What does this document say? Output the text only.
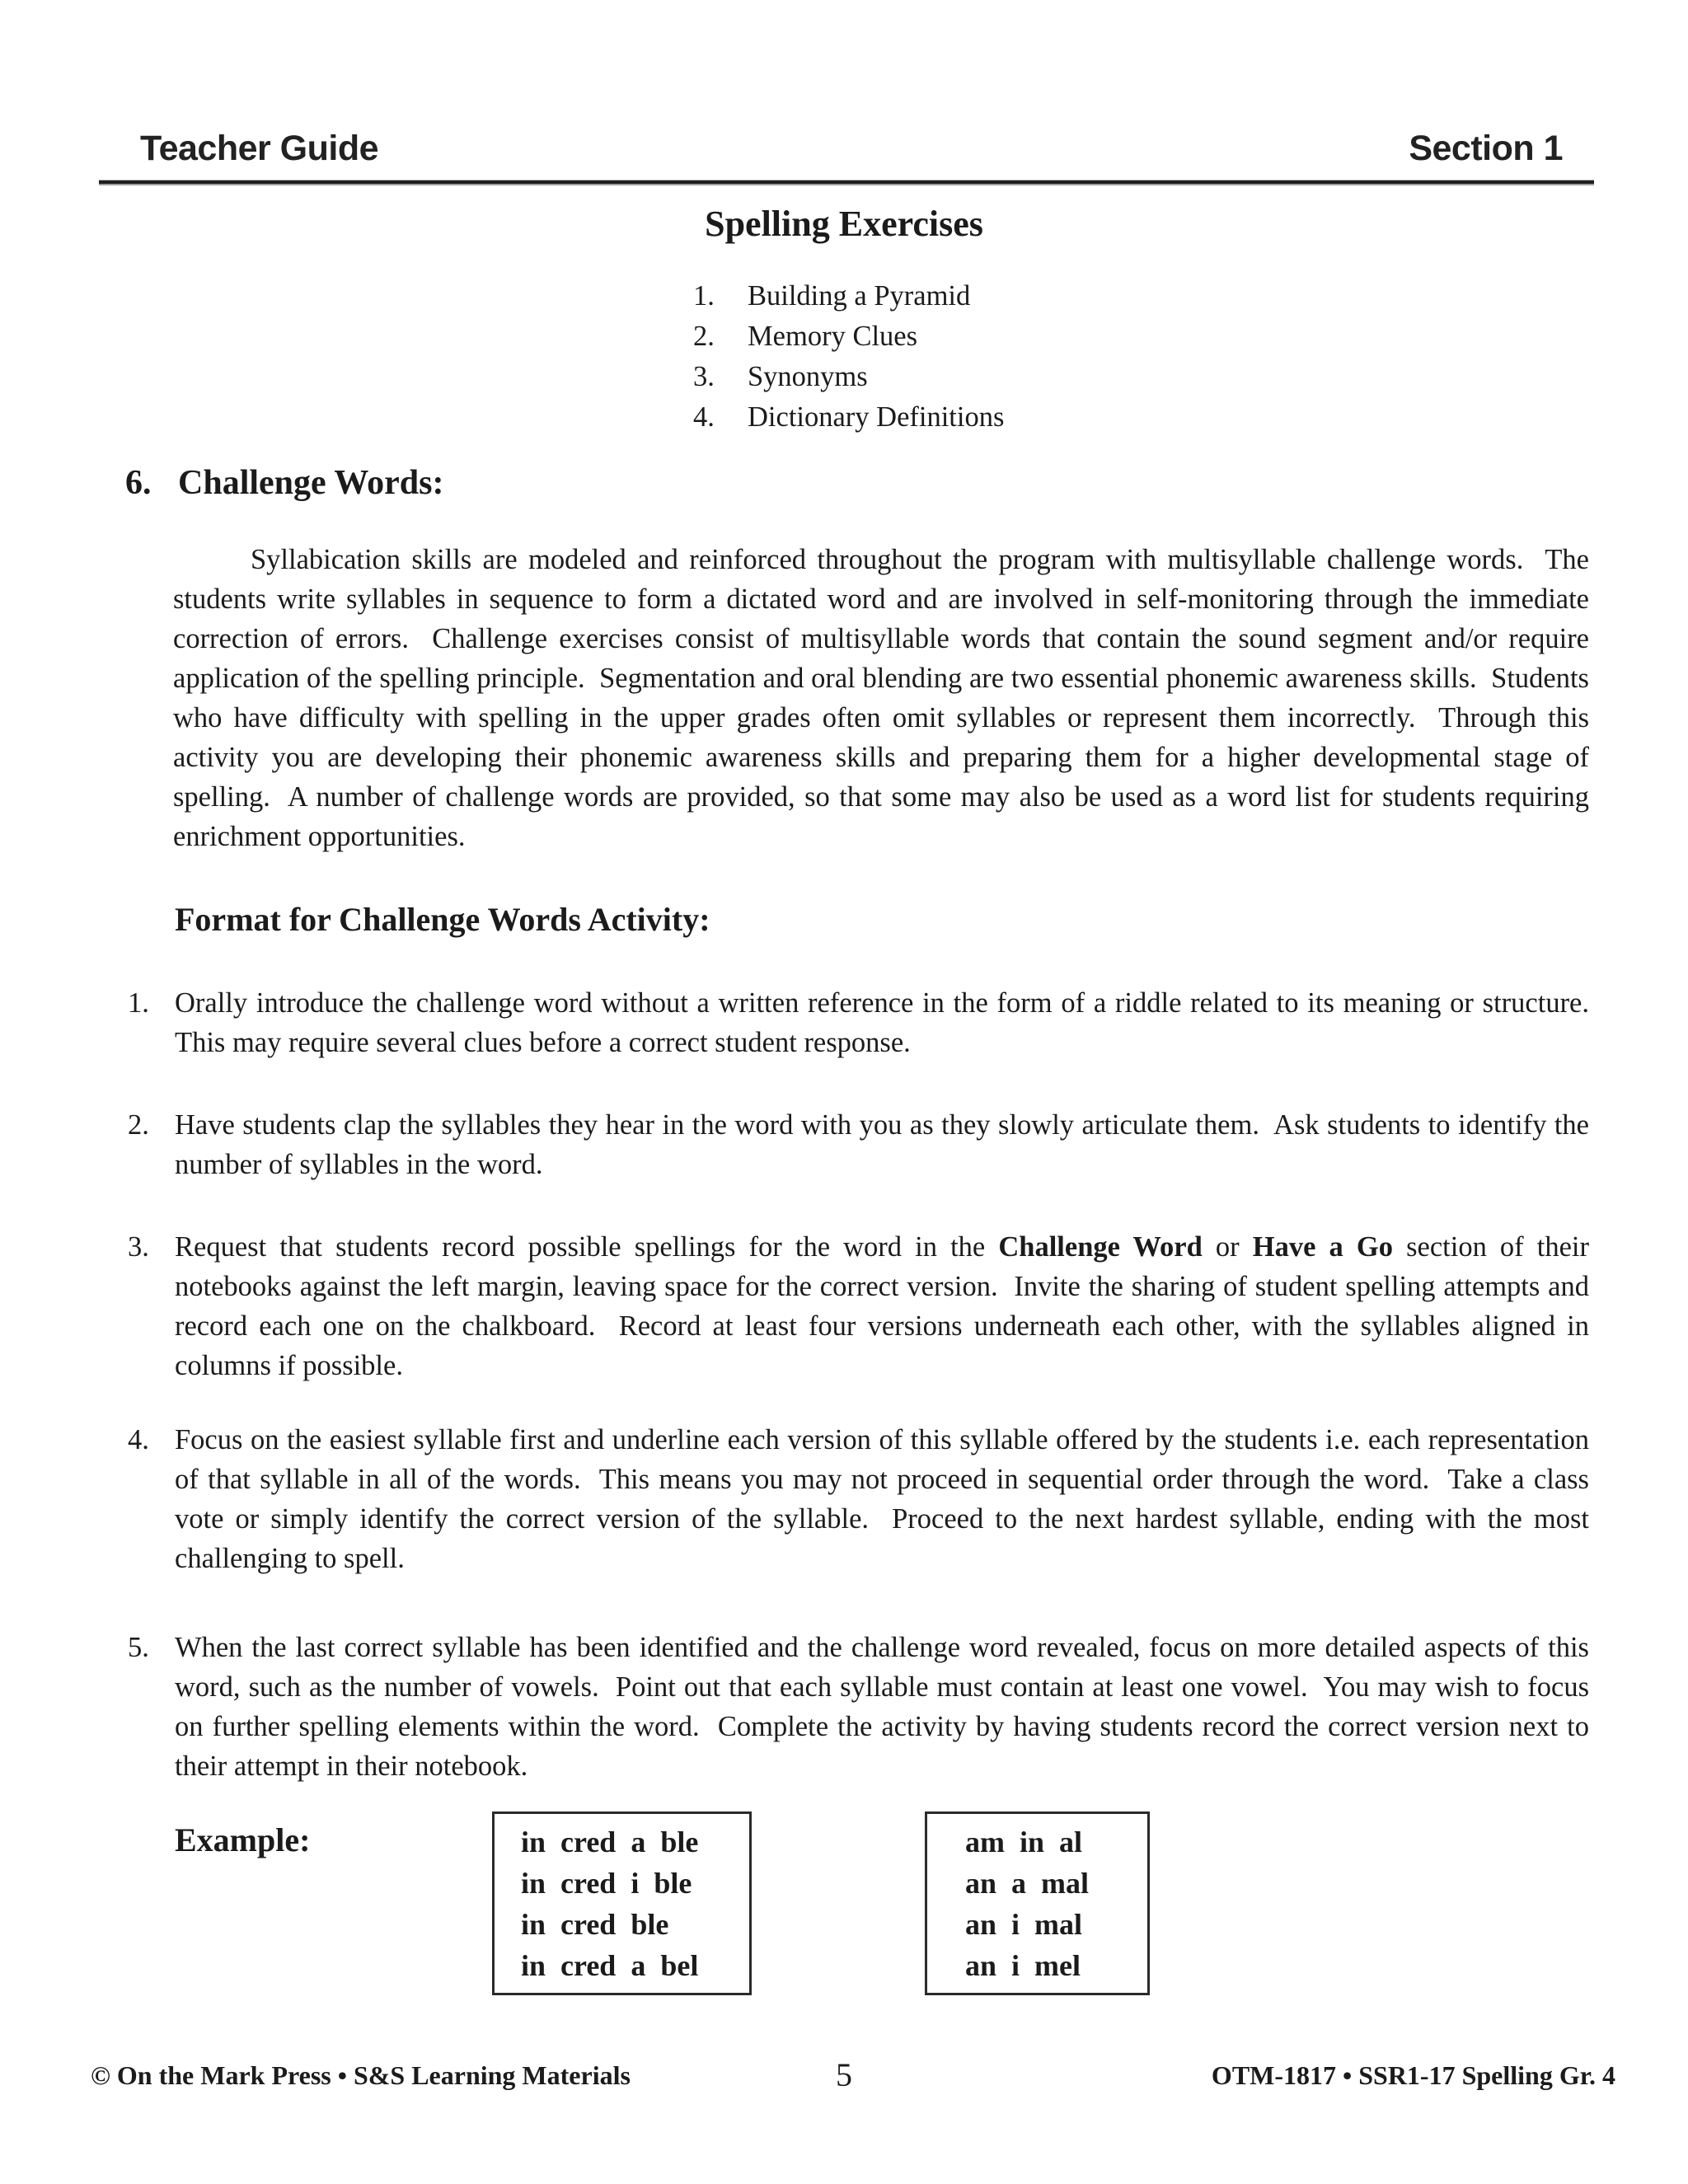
Teacher Guide	Section 1
Spelling Exercises
1.	Building a Pyramid
2.	Memory Clues
3.	Synonyms
4.	Dictionary Definitions
6. Challenge Words:
Syllabication skills are modeled and reinforced throughout the program with multisyllable challenge words.  The students write syllables in sequence to form a dictated word and are involved in self-monitoring through the immediate correction of errors.  Challenge exercises consist of multisyllable words that contain the sound segment and/or require application of the spelling principle.  Segmentation and oral blending are two essential phonemic awareness skills.  Students who have difficulty with spelling in the upper grades often omit syllables or represent them incorrectly.  Through this activity you are developing their phonemic awareness skills and preparing them for a higher developmental stage of spelling.  A number of challenge words are provided, so that some may also be used as a word list for students requiring enrichment opportunities.
Format for Challenge Words Activity:
1. Orally introduce the challenge word without a written reference in the form of a riddle related to its meaning or structure.  This may require several clues before a correct student response.
2. Have students clap the syllables they hear in the word with you as they slowly articulate them.  Ask students to identify the number of syllables in the word.
3. Request that students record possible spellings for the word in the Challenge Word or Have a Go section of their notebooks against the left margin, leaving space for the correct version.  Invite the sharing of student spelling attempts and record each one on the chalkboard.  Record at least four versions underneath each other, with the syllables aligned in columns if possible.
4. Focus on the easiest syllable first and underline each version of this syllable offered by the students i.e. each representation of that syllable in all of the words.  This means you may not proceed in sequential order through the word.  Take a class vote or simply identify the correct version of the syllable.  Proceed to the next hardest syllable, ending with the most challenging to spell.
5. When the last correct syllable has been identified and the challenge word revealed, focus on more detailed aspects of this word, such as the number of vowels.  Point out that each syllable must contain at least one vowel.  You may wish to focus on further spelling elements within the word.  Complete the activity by having students record the correct version next to their attempt in their notebook.
Example:	in cred a ble
in cred i ble
in cred ble
in cred a bel
am in al
an a mal
an i mal
an i mel
© On the Mark Press • S&S Learning Materials	5	OTM-1817 • SSR1-17 Spelling Gr. 4
